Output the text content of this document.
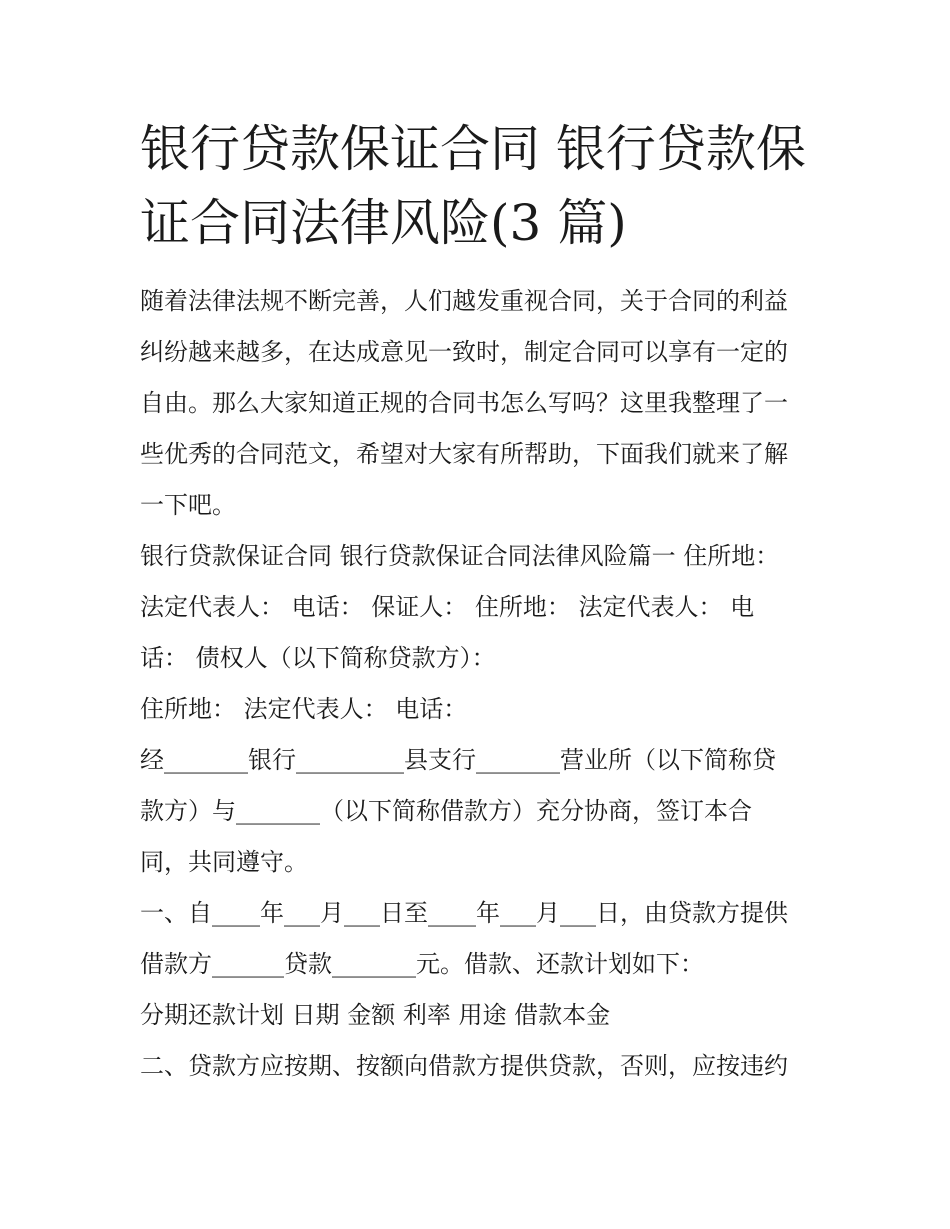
银行贷款保证合同 银行贷款保
证合同法律风险(3 篇)
随着法律法规不断完善，人们越发重视合同，关于合同的利益
纠纷越来越多，在达成意见一致时，制定合同可以享有一定的
自由。那么大家知道正规的合同书怎么写吗？这里我整理了一
些优秀的合同范文，希望对大家有所帮助，下面我们就来了解
一下吧。
银行贷款保证合同 银行贷款保证合同法律风险篇一 住所地：
法定代表人： 电话： 保证人： 住所地： 法定代表人： 电
话： 债权人（以下简称贷款方）：
住所地： 法定代表人： 电话：
经_______银行_________县支行_______营业所（以下简称贷
款方）与_______（以下简称借款方）充分协商，签订本合
同，共同遵守。
一、自____年___月___日至____年___月___日，由贷款方提供
借款方______贷款_______元。借款、还款计划如下：
分期还款计划 日期 金额 利率 用途 借款本金
二、贷款方应按期、按额向借款方提供贷款，否则，应按违约
